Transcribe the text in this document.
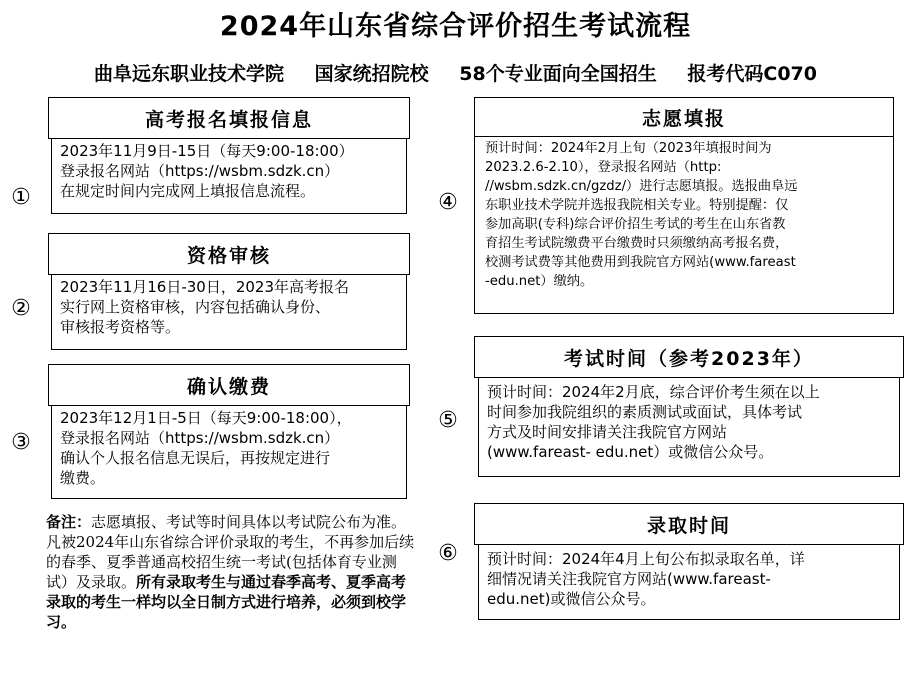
2024年山东省综合评价招生考试流程
曲阜远东职业技术学院 国家统招院校 58个专业面向全国招生 报考代码C070
①
高考报名填报信息
2023年11月9日-15日（每天9:00-18:00）
登录报名网站（https://wsbm.sdzk.cn）
在规定时间内完成网上填报信息流程。
②
资格审核
2023年11月16日-30日，2023年高考报名
实行网上资格审核，内容包括确认身份、
审核报考资格等。
③
确认缴费
2023年12月1日-5日（每天9:00-18:00），
登录报名网站（https://wsbm.sdzk.cn）
确认个人报名信息无误后，再按规定进行
缴费。
④
志愿填报
预计时间：2024年2月上旬（2023年填报时间为
2023.2.6-2.10），登录报名网站（http:
//wsbm.sdzk.cn/gzdz/）进行志愿填报。选报曲阜远
东职业技术学院并选报我院相关专业。特别提醒：仅
参加高职(专科)综合评价招生考试的考生在山东省教
育招生考试院缴费平台缴费时只须缴纳高考报名费，
校测考试费等其他费用到我院官方网站(www.fareast
-edu.net）缴纳。
⑤
考试时间（参考2023年）
预计时间：2024年2月底，综合评价考生须在以上
时间参加我院组织的素质测试或面试，具体考试
方式及时间安排请关注我院官方网站
(www.fareast- edu.net）或微信公众号。
⑥
录取时间
预计时间：2024年4月上旬公布拟录取名单，详
细情况请关注我院官方网站(www.fareast-
edu.net)或微信公众号。
备注：志愿填报、考试等时间具体以考试院公布为准。凡被2024年山东省综合评价录取的考生，不再参加后续的春季、夏季普通高校招生统一考试(包括体育专业测试）及录取。所有录取考生与通过春季高考、夏季高考录取的考生一样均以全日制方式进行培养，必须到校学习。
